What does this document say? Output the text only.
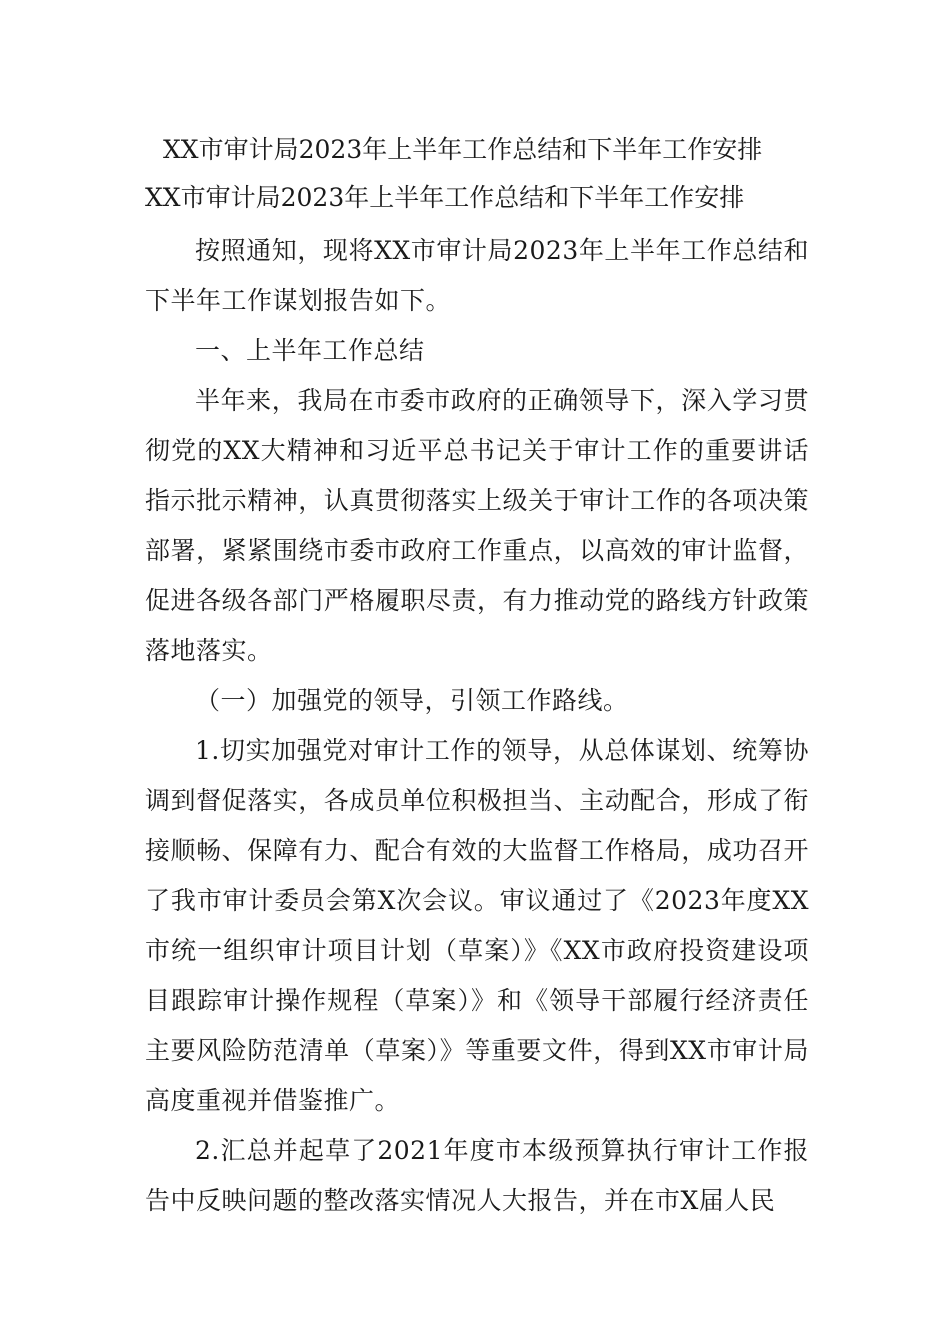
XX市审计局2023年上半年工作总结和下半年工作安排
XX市审计局2023年上半年工作总结和下半年工作安排

按照通知，现将XX市审计局2023年上半年工作总结和下半年工作谋划报告如下。

一、上半年工作总结

半年来，我局在市委市政府的正确领导下，深入学习贯彻党的XX大精神和习近平总书记关于审计工作的重要讲话指示批示精神，认真贯彻落实上级关于审计工作的各项决策部署，紧紧围绕市委市政府工作重点，以高效的审计监督，促进各级各部门严格履职尽责，有力推动党的路线方针政策落地落实。

（一）加强党的领导，引领工作路线。

1.切实加强党对审计工作的领导，从总体谋划、统筹协调到督促落实，各成员单位积极担当、主动配合，形成了衔接顺畅、保障有力、配合有效的大监督工作格局，成功召开了我市审计委员会第X次会议。审议通过了《2023年度XX市统一组织审计项目计划（草案）》《XX市政府投资建设项目跟踪审计操作规程（草案）》和《领导干部履行经济责任主要风险防范清单（草案）》等重要文件，得到XX市审计局高度重视并借鉴推广。

2.汇总并起草了2021年度市本级预算执行审计工作报告中反映问题的整改落实情况人大报告，并在市X届人民
